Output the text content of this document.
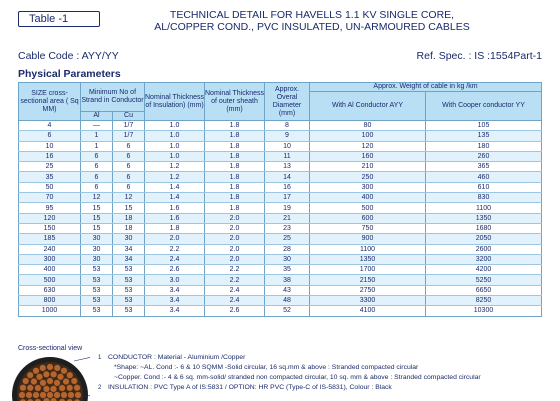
Table -1	TECHNICAL DETAIL FOR HAVELLS 1.1 KV SINGLE CORE,
AL/COPPER COND., PVC INSULATED, UN-ARMOURED CABLES
Cable Code : AYY/YY	Ref. Spec. : IS :1554Part-1
Physical Parameters
SIZE cross-sectional area ( Sq MM)	Minimum No of Strand in Conductor		Nominal Thickness of Insulation) (mm)	Nominal Thickness of outer sheath (mm)	Approx. Overal Diameter (mm)	Approx. Weight of cable in kg /km	
						With Al Conductor AYY	With Cooper conductor YY
	Al	Cu					
4	—	1/7	1.0	1.8	8	80	105
6	1	1/7	1.0	1.8	9	100	135
10	1	6	1.0	1.8	10	120	180
16	6	6	1.0	1.8	11	160	260
25	6	6	1.2	1.8	13	210	365
35	6	6	1.2	1.8	14	250	460
50	6	6	1.4	1.8	16	300	610
70	12	12	1.4	1.8	17	400	830
95	15	15	1.6	1.8	19	500	1100
120	15	18	1.6	2.0	21	600	1350
150	15	18	1.8	2.0	23	750	1680
185	30	30	2.0	2.0	25	900	2050
240	30	34	2.2	2.0	28	1100	2600
300	30	34	2.4	2.0	30	1350	3200
400	53	53	2.6	2.2	35	1700	4200
500	53	53	3.0	2.2	38	2150	5250
630	53	53	3.4	2.4	43	2750	6650
800	53	53	3.4	2.4	48	3300	8250
1000	53	53	3.4	2.6	52	4100	10300
Cross-sectional view
1 CONDUCTOR : Material - Aluminium /Copper
*Shape: ~AL. Cond :- 6 & 10 SQMM -Solid circular, 16 sq.mm & above : Stranded compacted circular
~Copper. Cond :- 4 & 6 sq. mm-solid/ stranded non compacted circular, 10 sq. mm & above : Stranded compacted circular
2 INSULATION : PVC Type A of IS:5831 / OPTION: HR PVC (Type-C of IS-5831), Colour : Black
